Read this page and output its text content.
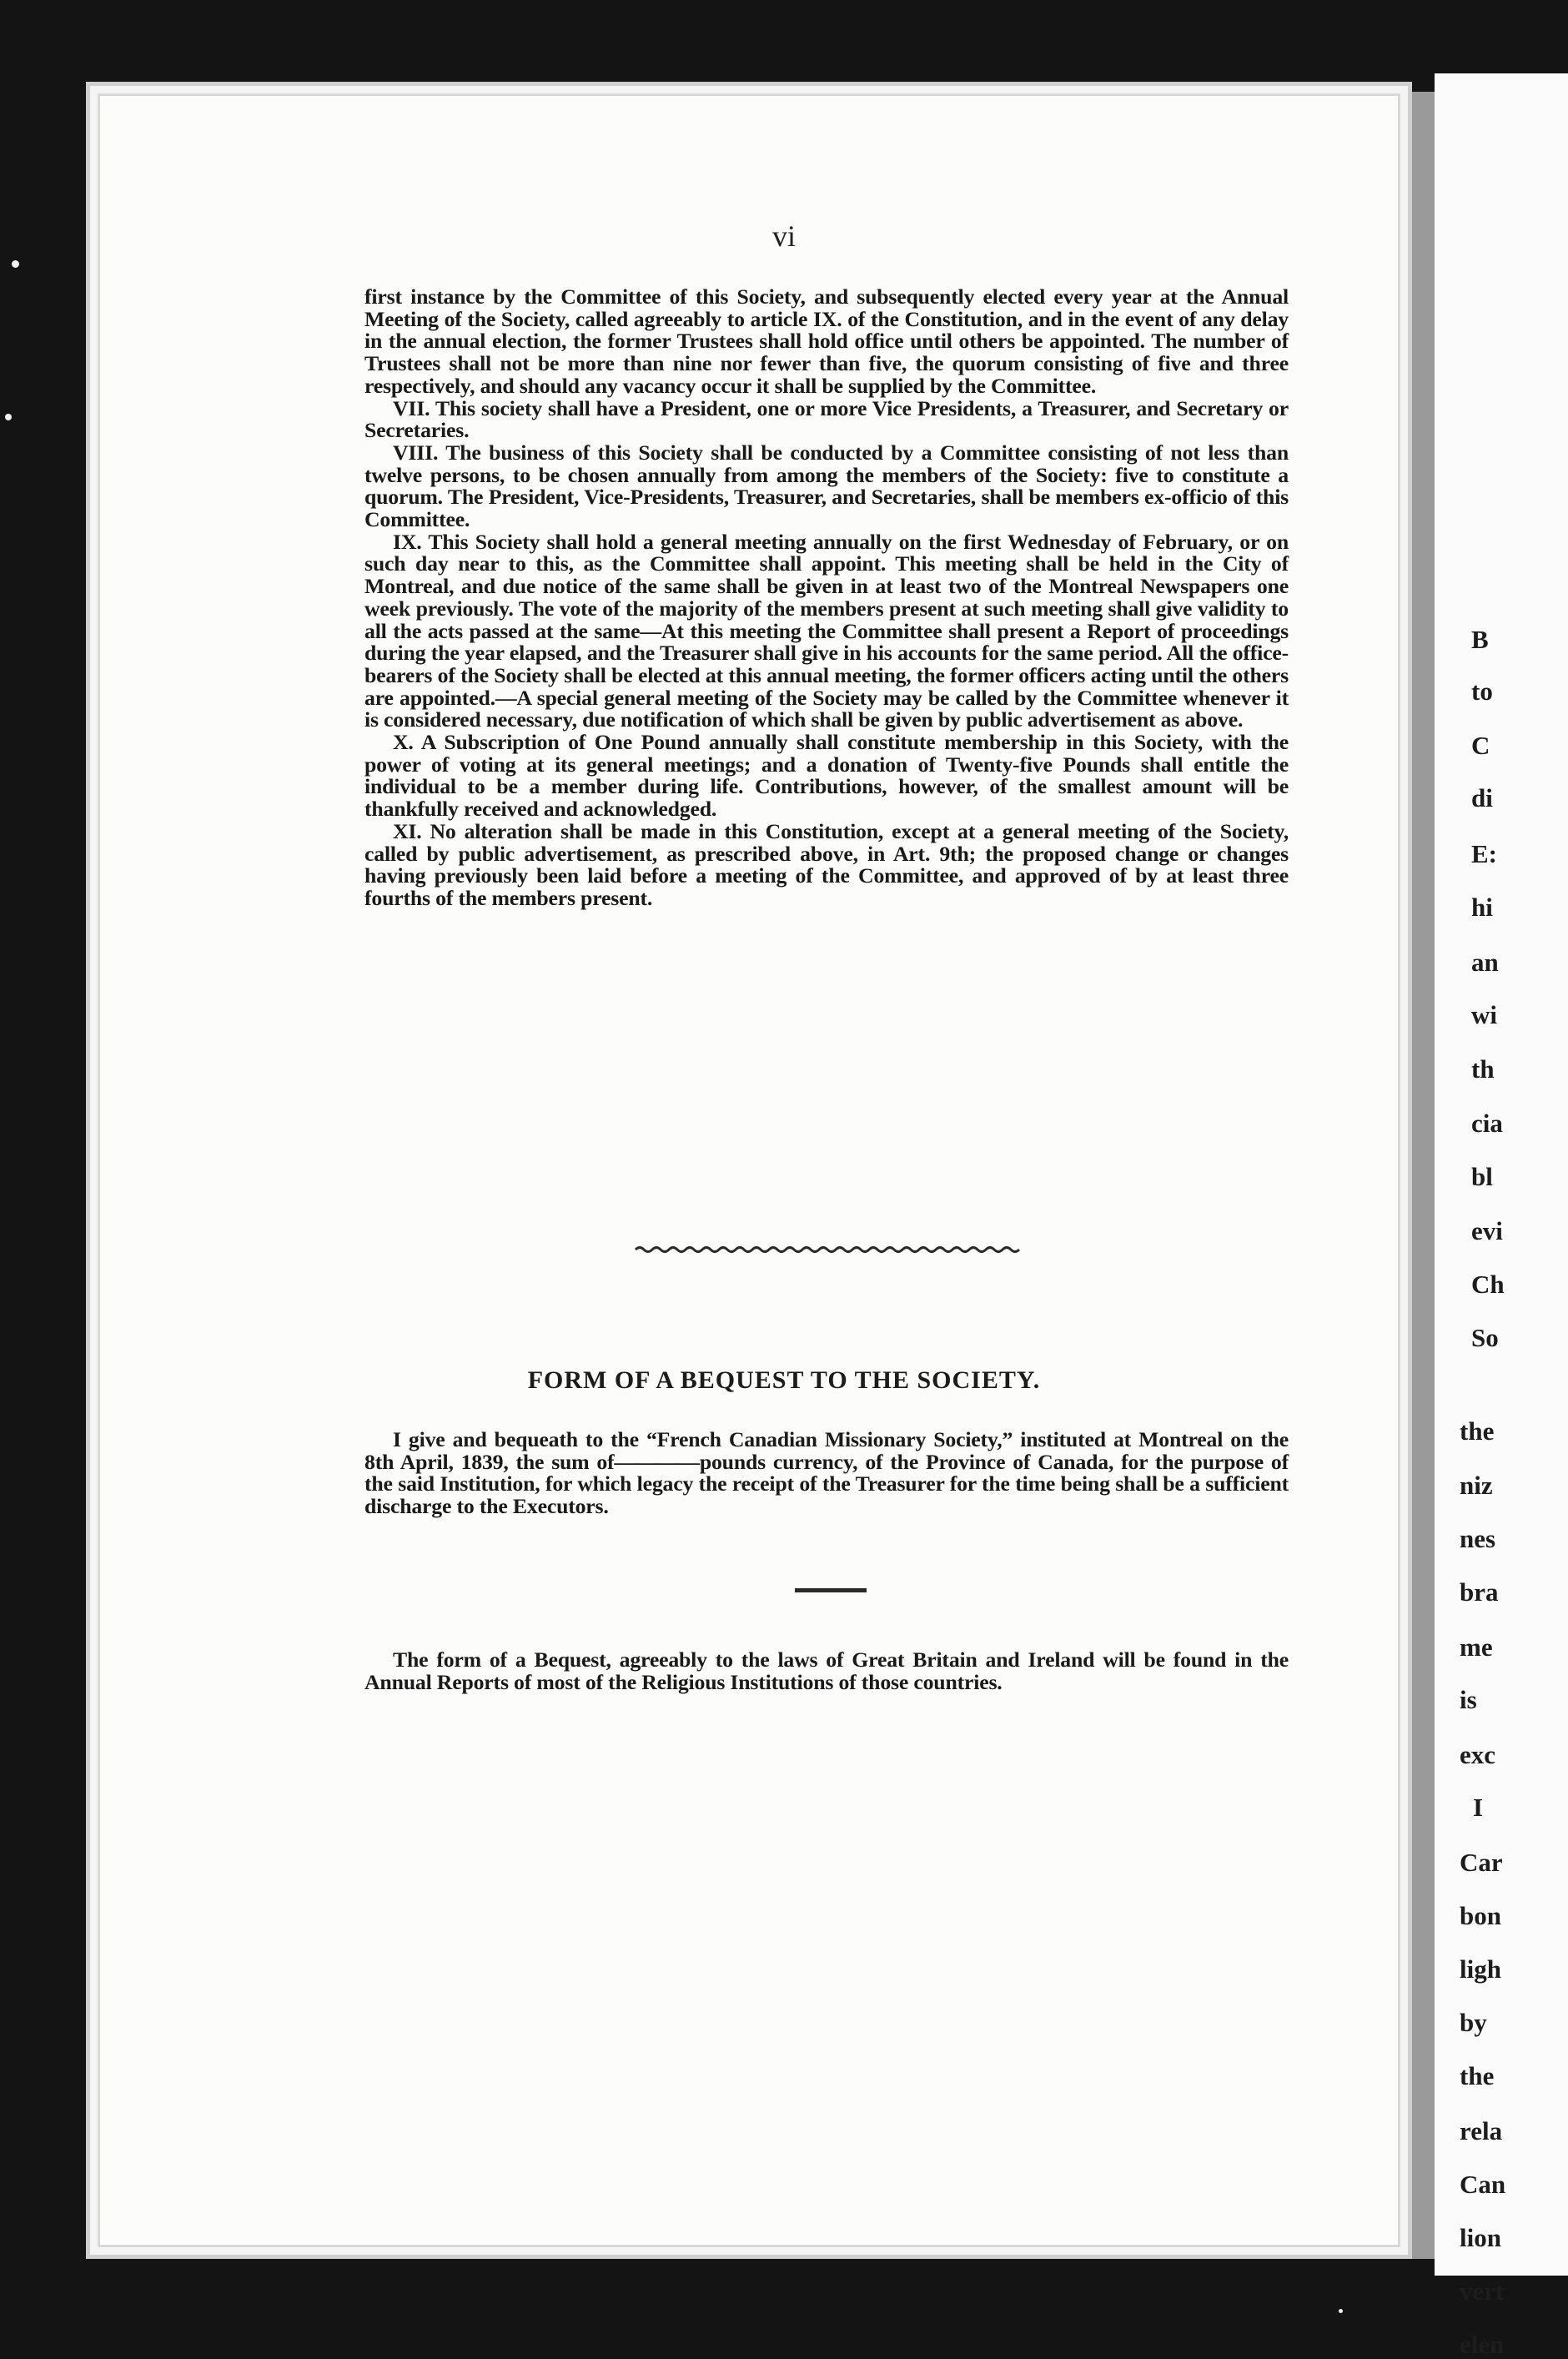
B
to
C
di
E:
hi
an
wi
th
cia
bl
evi
Ch
So
the
niz
nes
bra
me
is
exc
I
Car
bon
ligh
by
the
rela
Can
lion
vert
elen

vi

first instance by the Committee of this Society, and subsequently elected every year at the Annual Meeting of the Society, called agreeably to article IX. of the Constitution, and in the event of any delay in the annual election, the former Trustees shall hold office until others be appointed. The number of Trustees shall not be more than nine nor fewer than five, the quorum consisting of five and three respectively, and should any vacancy occur it shall be supplied by the Committee.

VII. This society shall have a President, one or more Vice Presidents, a Treasurer, and Secretary or Secretaries.

VIII. The business of this Society shall be conducted by a Committee consisting of not less than twelve persons, to be chosen annually from among the members of the Society: five to constitute a quorum. The President, Vice-Presidents, Treasurer, and Secretaries, shall be members ex-officio of this Committee.

IX. This Society shall hold a general meeting annually on the first Wednesday of February, or on such day near to this, as the Committee shall appoint. This meeting shall be held in the City of Montreal, and due notice of the same shall be given in at least two of the Montreal Newspapers one week previously. The vote of the majority of the members present at such meeting shall give validity to all the acts passed at the same—At this meeting the Committee shall present a Report of proceedings during the year elapsed, and the Treasurer shall give in his accounts for the same period. All the office-bearers of the Society shall be elected at this annual meeting, the former officers acting until the others are appointed.—A special general meeting of the Society may be called by the Committee whenever it is considered necessary, due notification of which shall be given by public advertisement as above.

X. A Subscription of One Pound annually shall constitute membership in this Society, with the power of voting at its general meetings; and a donation of Twenty-five Pounds shall entitle the individual to be a member during life. Contributions, however, of the smallest amount will be thankfully received and acknowledged.

XI. No alteration shall be made in this Constitution, except at a general meeting of the Society, called by public advertisement, as prescribed above, in Art. 9th; the proposed change or changes having previously been laid before a meeting of the Committee, and approved of by at least three fourths of the members present.

FORM OF A BEQUEST TO THE SOCIETY.

I give and bequeath to the “French Canadian Missionary Society,” instituted at Montreal on the 8th April, 1839, the sum of————pounds currency, of the Province of Canada, for the purpose of the said Institution, for which legacy the receipt of the Treasurer for the time being shall be a sufficient discharge to the Executors.

The form of a Bequest, agreeably to the laws of Great Britain and Ireland will be found in the Annual Reports of most of the Religious Institutions of those countries.
